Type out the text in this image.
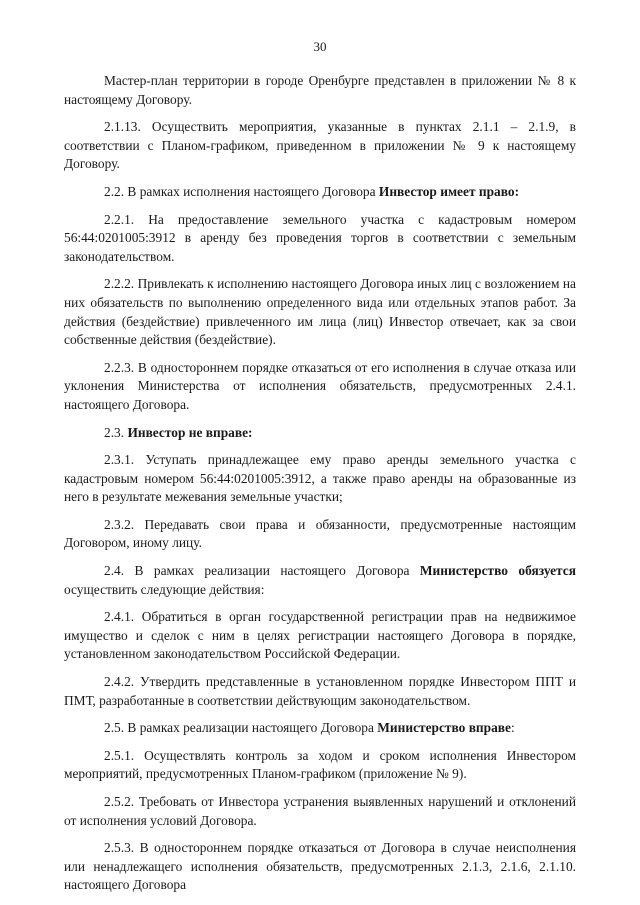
30

Мастер-план территории в городе Оренбурге представлен в приложении № 8 к настоящему Договору.

2.1.13. Осуществить мероприятия, указанные в пунктах 2.1.1 – 2.1.9, в соответствии с Планом-графиком, приведенном в приложении № 9 к настоящему Договору.

2.2. В рамках исполнения настоящего Договора Инвестор имеет право:

2.2.1. На предоставление земельного участка с кадастровым номером 56:44:0201005:3912 в аренду без проведения торгов в соответствии с земельным законодательством.

2.2.2. Привлекать к исполнению настоящего Договора иных лиц с возложением на них обязательств по выполнению определенного вида или отдельных этапов работ. За действия (бездействие) привлеченного им лица (лиц) Инвестор отвечает, как за свои собственные действия (бездействие).

2.2.3. В одностороннем порядке отказаться от его исполнения в случае отказа или уклонения Министерства от исполнения обязательств, предусмотренных 2.4.1. настоящего Договора.

2.3. Инвестор не вправе:

2.3.1. Уступать принадлежащее ему право аренды земельного участка с кадастровым номером 56:44:0201005:3912, а также право аренды на образованные из него в результате межевания земельные участки;

2.3.2. Передавать свои права и обязанности, предусмотренные настоящим Договором, иному лицу.

2.4. В рамках реализации настоящего Договора Министерство обязуется осуществить следующие действия:

2.4.1. Обратиться в орган государственной регистрации прав на недвижимое имущество и сделок с ним в целях регистрации настоящего Договора в порядке, установленном законодательством Российской Федерации.

2.4.2. Утвердить представленные в установленном порядке Инвестором ППТ и ПМТ, разработанные в соответствии действующим законодательством.

2.5. В рамках реализации настоящего Договора Министерство вправе:

2.5.1. Осуществлять контроль за ходом и сроком исполнения Инвестором мероприятий, предусмотренных Планом-графиком (приложение № 9).

2.5.2. Требовать от Инвестора устранения выявленных нарушений и отклонений от исполнения условий Договора.

2.5.3. В одностороннем порядке отказаться от Договора в случае неисполнения или ненадлежащего исполнения обязательств, предусмотренных 2.1.3, 2.1.6, 2.1.10. настоящего Договора
